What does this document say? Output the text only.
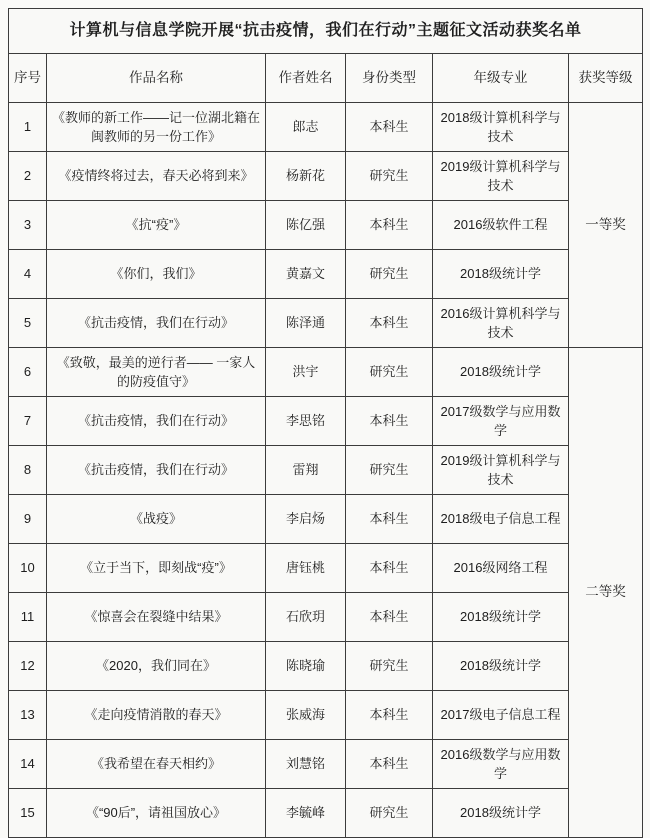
计算机与信息学院开展“抗击疫情，我们在行动”主题征文活动获奖名单					
序号	作品名称	作者姓名	身份类型	年级专业	获奖等级
1	《教师的新工作——记一位湖北籍在闽教师的另一份工作》	郎志	本科生	2018级计算机科学与技术	一等奖
2	《疫情终将过去，春天必将到来》	杨新花	研究生	2019级计算机科学与技术	
3	《抗“疫”》	陈亿强	本科生	2016级软件工程	
4	《你们，我们》	黄嘉文	研究生	2018级统计学	
5	《抗击疫情，我们在行动》	陈泽通	本科生	2016级计算机科学与技术	
6	《致敬，最美的逆行者—— 一家人的防疫值守》	洪宇	研究生	2018级统计学	二等奖
7	《抗击疫情，我们在行动》	李思铭	本科生	2017级数学与应用数学	
8	《抗击疫情，我们在行动》	雷翔	研究生	2019级计算机科学与技术	
9	《战疫》	李启炀	本科生	2018级电子信息工程	
10	《立于当下，即刻战“疫”》	唐钰桃	本科生	2016级网络工程	
11	《惊喜会在裂缝中结果》	石欣玥	本科生	2018级统计学	
12	《2020，我们同在》	陈晓瑜	研究生	2018级统计学	
13	《走向疫情消散的春天》	张威海	本科生	2017级电子信息工程	
14	《我希望在春天相约》	刘慧铭	本科生	2016级数学与应用数学	
15	《“90后”，请祖国放心》	李毓峰	研究生	2018级统计学	
